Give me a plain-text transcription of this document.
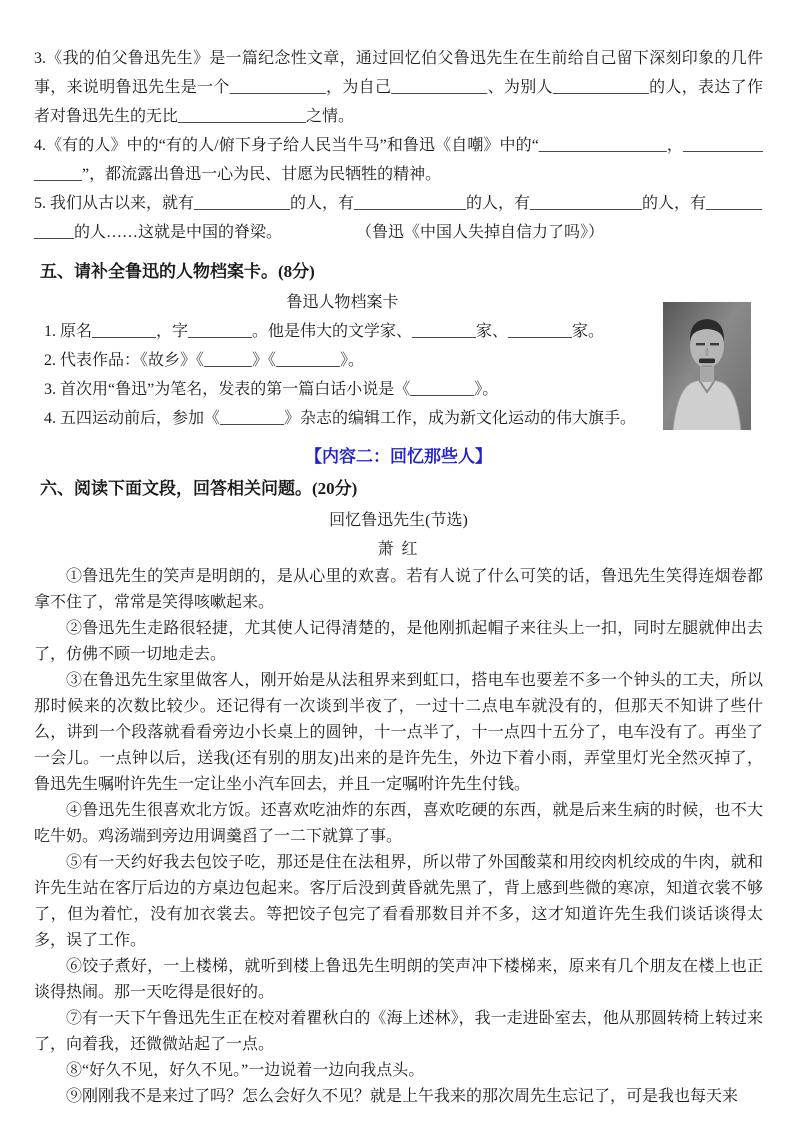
3.《我的伯父鲁迅先生》是一篇纪念性文章，通过回忆伯父鲁迅先生在生前给自己留下深刻印象的几件事，来说明鲁迅先生是一个____________，为自己____________、为别人____________的人，表达了作者对鲁迅先生的无比________________之情。

4.《有的人》中的“有的人/俯下身子给人民当牛马”和鲁迅《自嘲》中的“________________，________________”，都流露出鲁迅一心为民、甘愿为民牺牲的精神。

5. 我们从古以来，就有____________的人，有______________的人，有______________的人，有____________的人……这就是中国的脊梁。	（鲁迅《中国人失掉自信力了吗》）

五、请补全鲁迅的人物档案卡。(8分)

鲁迅人物档案卡

1. 原名________，字________。他是伟大的文学家、________家、________家。

2. 代表作品：《故乡》《______》《________》。

3. 首次用“鲁迅”为笔名，发表的第一篇白话小说是《________》。

4. 五四运动前后，参加《________》杂志的编辑工作，成为新文化运动的伟大旗手。

【内容二：回忆那些人】

六、阅读下面文段，回答相关问题。(20分)

回忆鲁迅先生(节选)

萧 红

①鲁迅先生的笑声是明朗的，是从心里的欢喜。若有人说了什么可笑的话，鲁迅先生笑得连烟卷都拿不住了，常常是笑得咳嗽起来。

②鲁迅先生走路很轻捷，尤其使人记得清楚的，是他刚抓起帽子来往头上一扣，同时左腿就伸出去了，仿佛不顾一切地走去。

③在鲁迅先生家里做客人，刚开始是从法租界来到虹口，搭电车也要差不多一个钟头的工夫，所以那时候来的次数比较少。还记得有一次谈到半夜了，一过十二点电车就没有的，但那天不知讲了些什么，讲到一个段落就看看旁边小长桌上的圆钟，十一点半了，十一点四十五分了，电车没有了。再坐了一会儿。一点钟以后，送我(还有别的朋友)出来的是许先生，外边下着小雨，弄堂里灯光全然灭掉了，鲁迅先生嘱咐许先生一定让坐小汽车回去，并且一定嘱咐许先生付钱。

④鲁迅先生很喜欢北方饭。还喜欢吃油炸的东西，喜欢吃硬的东西，就是后来生病的时候，也不大吃牛奶。鸡汤端到旁边用调羹舀了一二下就算了事。

⑤有一天约好我去包饺子吃，那还是住在法租界，所以带了外国酸菜和用绞肉机绞成的牛肉，就和许先生站在客厅后边的方桌边包起来。客厅后没到黄昏就先黑了，背上感到些微的寒凉，知道衣裳不够了，但为着忙，没有加衣裳去。等把饺子包完了看看那数目并不多，这才知道许先生我们谈话谈得太多，误了工作。

⑥饺子煮好，一上楼梯，就听到楼上鲁迅先生明朗的笑声冲下楼梯来，原来有几个朋友在楼上也正谈得热闹。那一天吃得是很好的。

⑦有一天下午鲁迅先生正在校对着瞿秋白的《海上述林》，我一走进卧室去，他从那圆转椅上转过来了，向着我，还微微站起了一点。

⑧“好久不见，好久不见。”一边说着一边向我点头。

⑨刚刚我不是来过了吗？怎么会好久不见？就是上午我来的那次周先生忘记了，可是我也每天来
